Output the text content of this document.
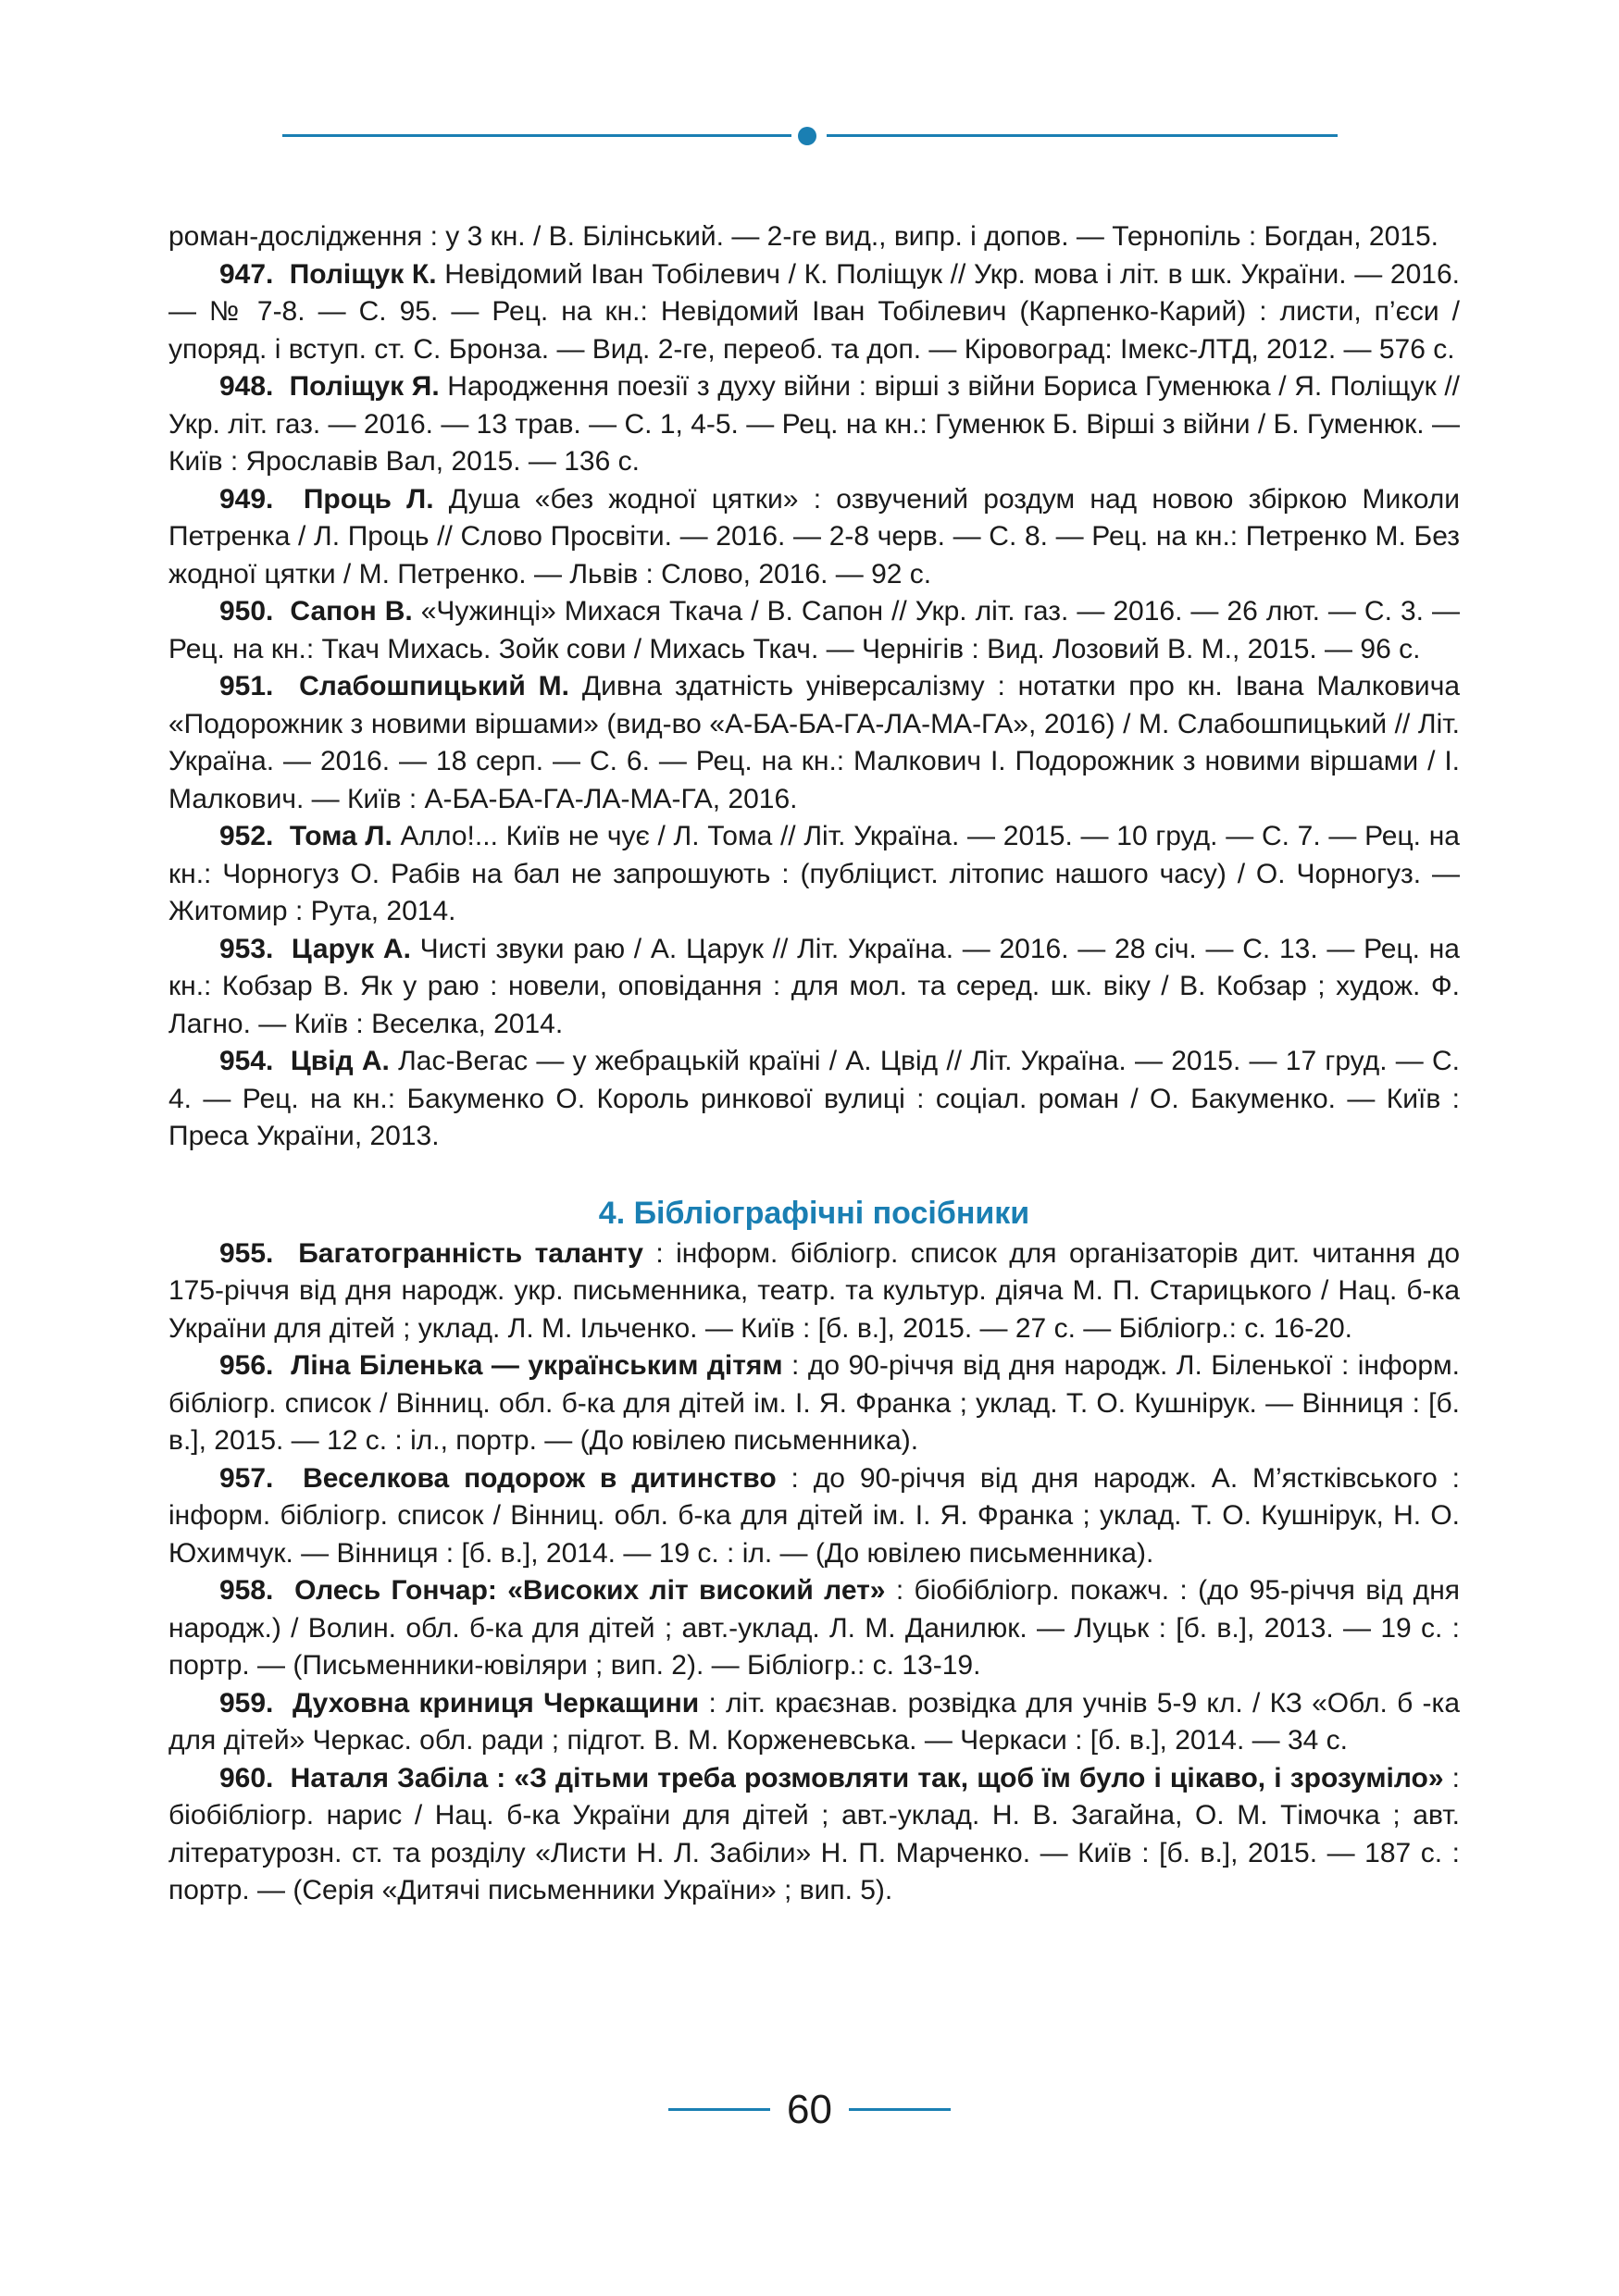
роман-дослідження : у 3 кн. / В. Білінський. — 2-ге вид., випр. і допов. — Тернопіль : Богдан, 2015.

947. Поліщук К. Невідомий Іван Тобілевич / К. Поліщук // Укр. мова і літ. в шк. України. — 2016. — № 7-8. — С. 95. — Рец. на кн.: Невідомий Іван Тобілевич (Карпенко-Карий) : листи, п’єси / упоряд. і вступ. ст. С. Бронза. — Вид. 2-ге, переоб. та доп. — Кіровоград: Імекс-ЛТД, 2012. — 576 с.

948. Поліщук Я. Народження поезії з духу війни : вірші з війни Бориса Гуменюка / Я. Поліщук // Укр. літ. газ. — 2016. — 13 трав. — С. 1, 4-5. — Рец. на кн.: Гуменюк Б. Вірші з війни / Б. Гуменюк. — Київ : Ярославів Вал, 2015. — 136 с.

949. Проць Л. Душа «без жодної цятки» : озвучений роздум над новою збіркою Миколи Петренка / Л. Проць // Слово Просвіти. — 2016. — 2-8 черв. — С. 8. — Рец. на кн.: Петренко М. Без жодної цятки / М. Петренко. — Львів : Слово, 2016. — 92 с.

950. Сапон В. «Чужинці» Михася Ткача / В. Сапон // Укр. літ. газ. — 2016. — 26 лют. — С. 3. — Рец. на кн.: Ткач Михась. Зойк сови / Михась Ткач. — Чернігів : Вид. Лозовий В. М., 2015. — 96 с.

951. Слабошпицький М. Дивна здатність універсалізму : нотатки про кн. Івана Малковича «Подорожник з новими віршами» (вид-во «А-БА-БА-ГА-ЛА-МА-ГА», 2016) / М. Слабошпицький // Літ. Україна. — 2016. — 18 серп. — С. 6. — Рец. на кн.: Малкович І. Подорожник з новими віршами / І. Малкович. — Київ : А-БА-БА-ГА-ЛА-МА-ГА, 2016.

952. Тома Л. Алло!... Київ не чує / Л. Тома // Літ. Україна. — 2015. — 10 груд. — С. 7. — Рец. на кн.: Чорногуз О. Рабів на бал не запрошують : (публіцист. літопис нашого часу) / О. Чорногуз. — Житомир : Рута, 2014.

953. Царук А. Чисті звуки раю / А. Царук // Літ. Україна. — 2016. — 28 січ. — С. 13. — Рец. на кн.: Кобзар В. Як у раю : новели, оповідання : для мол. та серед. шк. віку / В. Кобзар ; худож. Ф. Лагно. — Київ : Веселка, 2014.

954. Цвід А. Лас-Вегас — у жебрацькій країні / А. Цвід // Літ. Україна. — 2015. — 17 груд. — С. 4. — Рец. на кн.: Бакуменко О. Король ринкової вулиці : соціал. роман / О. Бакуменко. — Київ : Преса України, 2013.

4. Бібліографічні посібники

955. Багатогранність таланту : інформ. бібліогр. список для організаторів дит. читання до 175-річчя від дня народж. укр. письменника, театр. та культур. діяча М. П. Старицького / Нац. б-ка України для дітей ; уклад. Л. М. Ільченко. — Київ : [б. в.], 2015. — 27 с. — Бібліогр.: с. 16-20.

956. Ліна Біленька — українським дітям : до 90-річчя від дня народж. Л. Біленької : інформ. бібліогр. список / Вінниц. обл. б-ка для дітей ім. І. Я. Франка ; уклад. Т. О. Кушнірук. — Вінниця : [б. в.], 2015. — 12 с. : іл., портр. — (До ювілею письменника).

957. Веселкова подорож в дитинство : до 90-річчя від дня народж. А. М’ястківського : інформ. бібліогр. список / Вінниц. обл. б-ка для дітей ім. І. Я. Франка ; уклад. Т. О. Кушнірук, Н. О. Юхимчук. — Вінниця : [б. в.], 2014. — 19 с. : іл. — (До ювілею письменника).

958. Олесь Гончар: «Високих літ високий лет» : біобібліогр. покажч. : (до 95-річчя від дня народж.) / Волин. обл. б-ка для дітей ; авт.-уклад. Л. М. Данилюк. — Луцьк : [б. в.], 2013. — 19 с. : портр. — (Письменники-ювіляри ; вип. 2). — Бібліогр.: с. 13-19.

959. Духовна криниця Черкащини : літ. краєзнав. розвідка для учнів 5-9 кл. / КЗ «Обл. б -ка для дітей» Черкас. обл. ради ; підгот. В. М. Корженевська. — Черкаси : [б. в.], 2014. — 34 с.

960. Наталя Забіла : «З дітьми треба розмовляти так, щоб їм було і цікаво, і зрозуміло» : біобібліогр. нарис / Нац. б-ка України для дітей ; авт.-уклад. Н. В. Загайна, О. М. Тімочка ; авт. літературозн. ст. та розділу «Листи Н. Л. Забіли» Н. П. Марченко. — Київ : [б. в.], 2015. — 187 с. : портр. — (Серія «Дитячі письменники України» ; вип. 5).

60
